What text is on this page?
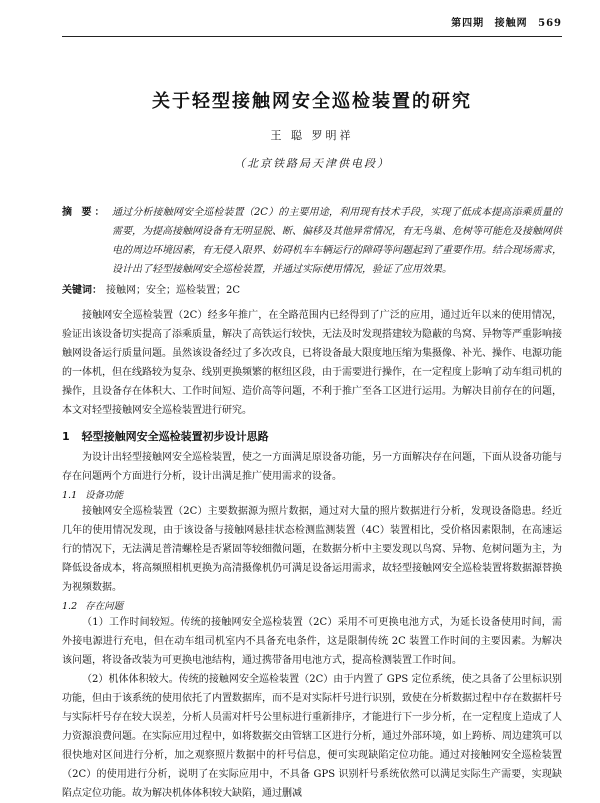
第四期 接触网 569
关于轻型接触网安全巡检装置的研究
王 聪 罗明祥
（北京铁路局天津供电段）
摘 要： 通过分析接触网安全巡检装置（2C）的主要用途，利用现有技术手段，实现了低成本提高添乘质量的需要，为提高接触网设备有无明显脱、断、偏移及其他异常情况，有无鸟巢、危树等可能危及接触网供电的周边环境因素，有无侵入限界、妨碍机车车辆运行的障碍等问题起到了重要作用。结合现场需求，设计出了轻型接触网安全巡检装置，并通过实际使用情况，验证了应用效果。
关键词： 接触网；安全；巡检装置；2C

接触网安全巡检装置（2C）经多年推广，在全路范围内已经得到了广泛的应用，通过近年以来的使用情况，验证出该设备切实提高了添乘质量，解决了高铁运行较快，无法及时发现搭建较为隐蔽的鸟窝、异物等严重影响接触网设备运行质量问题。虽然该设备经过了多次改良，已将设备最大限度地压缩为集摄像、补光、操作、电源功能的一体机，但在线路较为复杂、线别更换频繁的枢纽区段，由于需要进行操作，在一定程度上影响了动车组司机的操作，且设备存在体积大、工作时间短、造价高等问题，不利于推广至各工区进行运用。为解决目前存在的问题，本文对轻型接触网安全巡检装置进行研究。

1 轻型接触网安全巡检装置初步设计思路

为设计出轻型接触网安全巡检装置，使之一方面满足原设备功能，另一方面解决存在问题，下面从设备功能与存在问题两个方面进行分析，设计出满足推广使用需求的设备。

1.1 设备功能

接触网安全巡检装置（2C）主要数据源为照片数据，通过对大量的照片数据进行分析，发现设备隐患。经近几年的使用情况发现，由于该设备与接触网悬挂状态检测监测装置（4C）装置相比，受价格因素限制，在高速运行的情况下，无法满足普清螺栓是否紧固等较细微问题，在数据分析中主要发现以鸟窝、异物、危树问题为主，为降低设备成本，将高频照相机更换为高清摄像机仍可满足设备运用需求，故轻型接触网安全巡检装置将数据源替换为视频数据。

1.2 存在问题

（1）工作时间较短。传统的接触网安全巡检装置（2C）采用不可更换电池方式，为延长设备使用时间，需外接电源进行充电，但在动车组司机室内不具备充电条件，这是限制传统 2C 装置工作时间的主要因素。为解决该问题，将设备改装为可更换电池结构，通过携带备用电池方式，提高检测装置工作时间。

（2）机体体积较大。传统的接触网安全巡检装置（2C）由于内置了 GPS 定位系统，使之具备了公里标识别功能，但由于该系统的使用依托了内置数据库，而不是对实际杆号进行识别，致使在分析数据过程中存在数据杆号与实际杆号存在较大误差，分析人员需对杆号公里标进行重新排序，才能进行下一步分析，在一定程度上造成了人力资源浪费问题。在实际应用过程中，如将数据交由管辖工区进行分析，通过外部环境，如上跨桥、周边建筑可以很快地对区间进行分析，加之观察照片数据中的杆号信息，便可实现缺陷定位功能。通过对接触网安全巡检装置（2C）的使用进行分析，说明了在实际应用中，不具备 GPS 识别杆号系统依然可以满足实际生产需要，实现缺陷点定位功能。故为解决机体体积较大缺陷，通过删减
